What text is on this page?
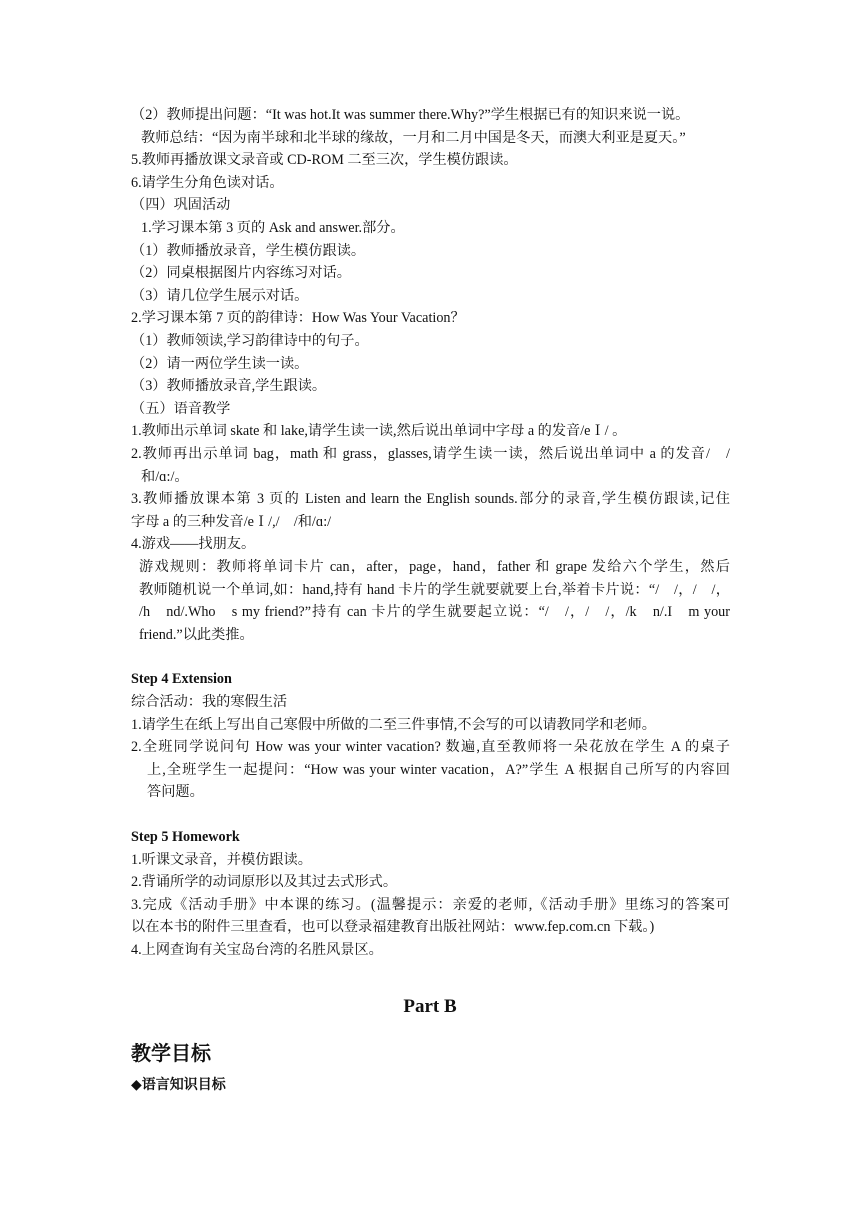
（2）教师提出问题：“It was hot.It was summer there.Why?”学生根据已有的知识来说一说。
教师总结：“因为南半球和北半球的缘故，一月和二月中国是冬天，而澳大利亚是夏天。”
5.教师再播放课文录音或 CD-ROM 二至三次，学生模仿跟读。
6.请学生分角色读对话。
（四）巩固活动
1.学习课本第 3 页的 Ask and answer.部分。
（1）教师播放录音，学生模仿跟读。
（2）同桌根据图片内容练习对话。
（3）请几位学生展示对话。
2.学习课本第 7 页的韵律诗：How Was Your Vacation？
（1）教师领读,学习韵律诗中的句子。
（2）请一两位学生读一读。
（3）教师播放录音,学生跟读。
（五）语音教学
1.教师出示单词 skate 和 lake,请学生读一读,然后说出单词中字母 a 的发音/eＩ/ 。
2.教师再出示单词 bag，math 和 grass，glasses,请学生读一读，然后说出单词中 a 的发音/　/
和/ɑ:/。
3.教师播放课本第 3 页的 Listen and learn the English sounds.部分的录音,学生模仿跟读,记住
字母 a 的三种发音/eＩ/,/　/和/ɑ:/
4.游戏——找朋友。
游戏规则：教师将单词卡片 can，after，page，hand，father 和 grape 发给六个学生，然后
教师随机说一个单词,如：hand,持有 hand 卡片的学生就要就要上台,举着卡片说：“/　/，/　/，
/h　nd/.Who　s my friend?”持有 can 卡片的学生就要起立说：“/　/，/　/，/k　n/.I　m your
friend.”以此类推。
Step 4 Extension
综合活动：我的寒假生活
1.请学生在纸上写出自己寒假中所做的二至三件事情,不会写的可以请教同学和老师。
2.全班同学说问句 How was your winter vacation? 数遍,直至教师将一朵花放在学生 A 的桌子
上,全班学生一起提问：“How was your winter vacation，A?”学生 A 根据自己所写的内容回
答问题。
Step 5 Homework
1.听课文录音，并模仿跟读。
2.背诵所学的动词原形以及其过去式形式。
3.完成《活动手册》中本课的练习。(温馨提示：亲爱的老师,《活动手册》里练习的答案可
以在本书的附件三里查看，也可以登录福建教育出版社网站：www.fep.com.cn 下载。)
4.上网查询有关宝岛台湾的名胜风景区。
Part B
教学目标
◆语言知识目标
